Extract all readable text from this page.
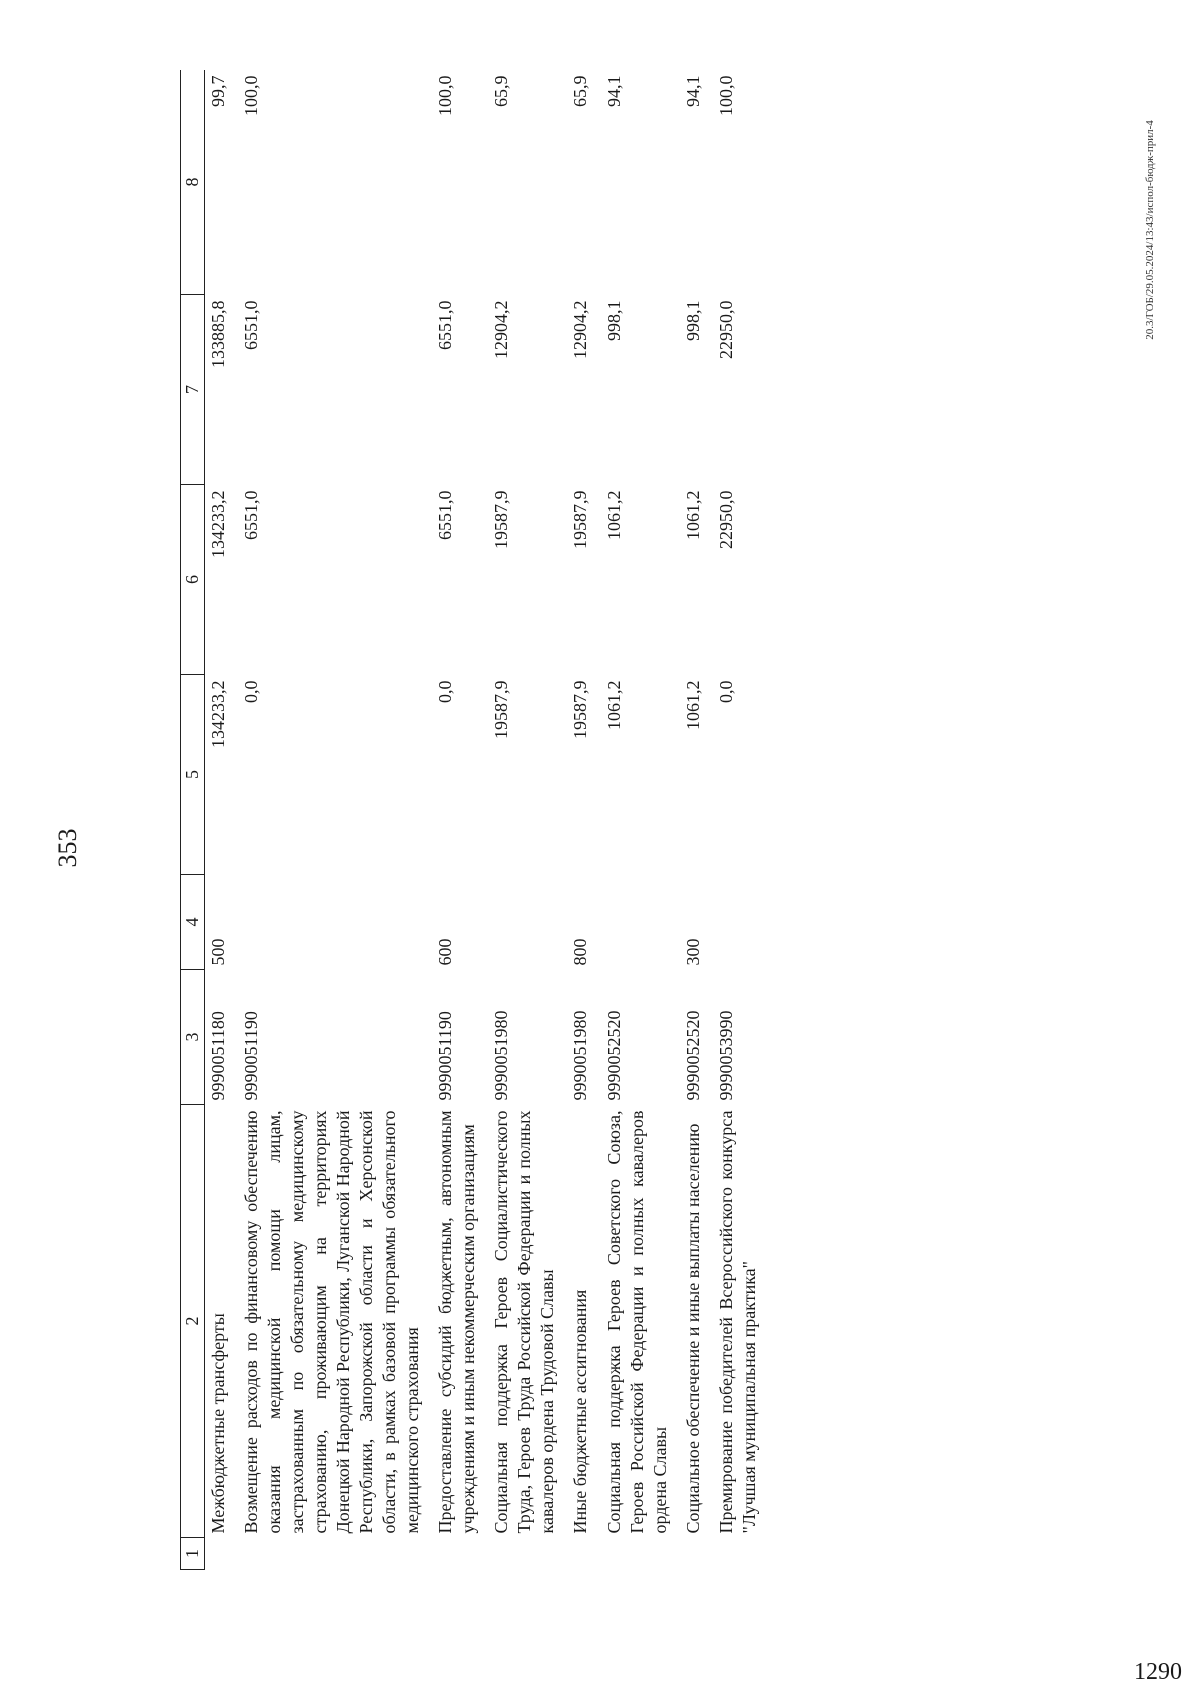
353
20.3/ГОБ/29.05.2024/13:43/испол-бюдж-прил-4
1290
1	2	3	4	5	6	7	8
	Межбюджетные трансферты	9990051180	500	134233,2	134233,2	133885,8	99,7
	Возмещение расходов по финансовому обеспечению оказания медицинской помощи лицам, застрахованным по обязательному медицинскому страхованию, проживающим на территориях Донецкой Народной Республики, Луганской Народной Республики, Запорожской области и Херсонской области, в рамках базовой программы обязательного медицинского страхования	9990051190		0,0	6551,0	6551,0	100,0
	Предоставление субсидий бюджетным, автономным учреждениям и иным некоммерческим организациям	9990051190	600	0,0	6551,0	6551,0	100,0
	Социальная поддержка Героев Социалистического Труда, Героев Труда Российской Федерации и полных кавалеров ордена Трудовой Славы	9990051980		19587,9	19587,9	12904,2	65,9
	Иные бюджетные ассигнования	9990051980	800	19587,9	19587,9	12904,2	65,9
	Социальная поддержка Героев Советского Союза, Героев Российской Федерации и полных кавалеров ордена Славы	9990052520		1061,2	1061,2	998,1	94,1
	Социальное обеспечение и иные выплаты населению	9990052520	300	1061,2	1061,2	998,1	94,1
	Премирование победителей Всероссийского конкурса "Лучшая муниципальная практика"	9990053990		0,0	22950,0	22950,0	100,0
